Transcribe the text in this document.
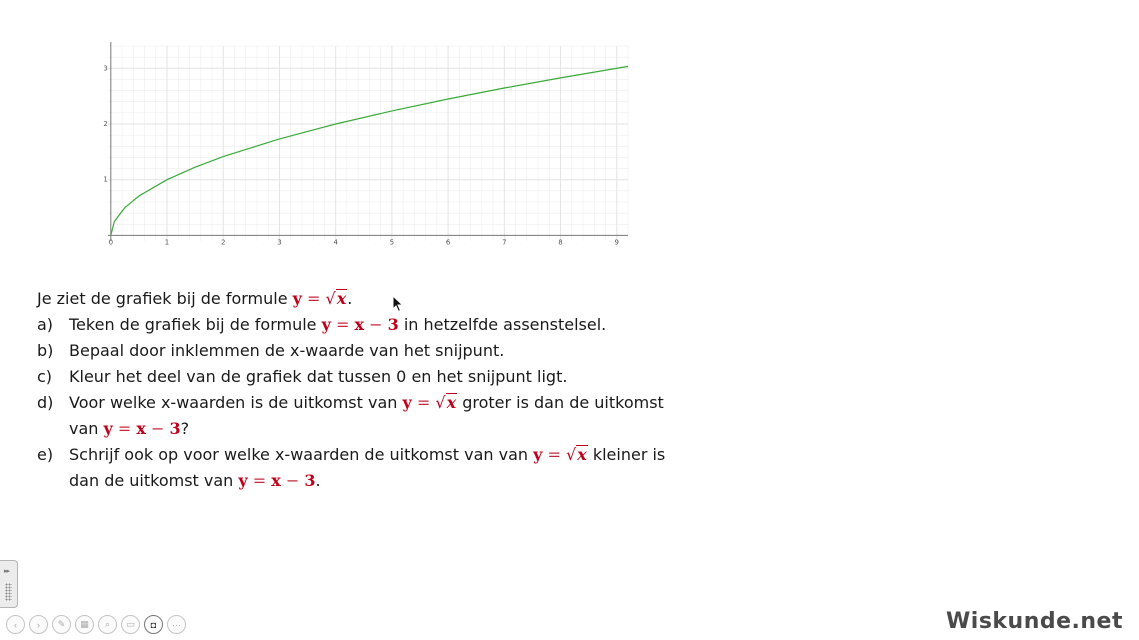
0	1	2	3	4	5	6	7	8	9
1
2
3
Je ziet de grafiek bij de formule y = √x.
a) Teken de grafiek bij de formule y = x − 3 in hetzelfde assenstelsel.
b) Bepaal door inklemmen de x-waarde van het snijpunt.
c) Kleur het deel van de grafiek dat tussen 0 en het snijpunt ligt.
d) Voor welke x-waarden is de uitkomst van y = √x groter is dan de uitkomst
van y = x − 3?
e) Schrijf ook op voor welke x-waarden de uitkomst van van y = √x kleiner is
dan de uitkomst van y = x − 3.
▸▸
‹ › ✎ ▦ ⌕ ▭ ◘ ···	Wiskunde.net
